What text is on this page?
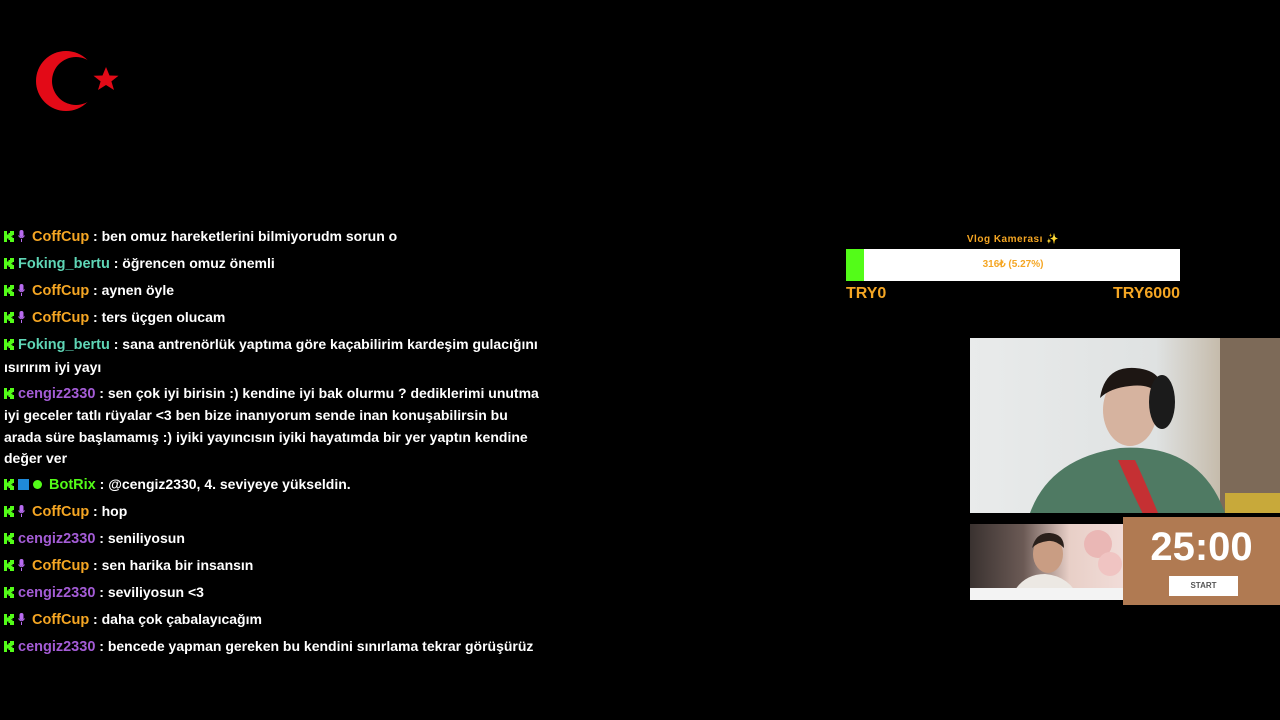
CoffCup : ben omuz hareketlerini bilmiyorudm sorun o
Foking_bertu : öğrencen omuz önemli
CoffCup : aynen öyle
CoffCup : ters üçgen olucam
Foking_bertu : sana antrenörlük yaptıma göre kaçabilirim kardeşim gulacığını ısırırım iyi yayı
cengiz2330 : sen çok iyi birisin :) kendine iyi bak olurmu ? dediklerimi unutma iyi geceler tatlı rüyalar <3 ben bize inanıyorum sende inan konuşabilirsin bu arada süre başlamamış :) iyiki yayıncısın iyiki hayatımda bir yer yaptın kendine değer ver
BotRix : @cengiz2330, 4. seviyeye yükseldin.
CoffCup : hop
cengiz2330 : seniliyosun
CoffCup : sen harika bir insansın
cengiz2330 : seviliyosun <3
CoffCup : daha çok çabalayıcağım
cengiz2330 : bencede yapman gereken bu kendini sınırlama tekrar görüşürüz
Vlog Kamerası ✨
316₺ (5.27%)
TRY0	TRY6000
25:00
START
